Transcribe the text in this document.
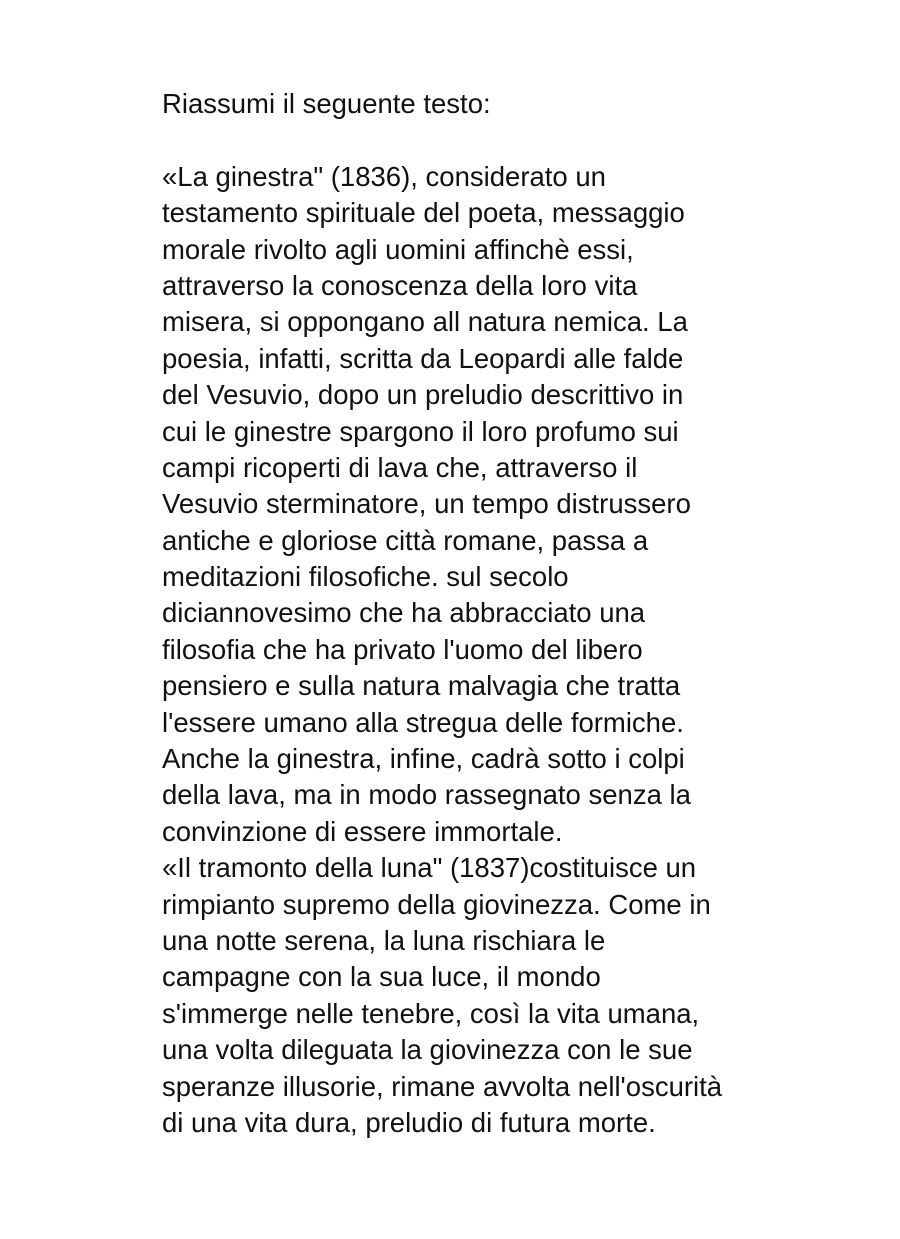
Riassumi il seguente testo:
«La ginestra" (1836), considerato un
testamento spirituale del poeta, messaggio
morale rivolto agli uomini affinchè essi,
attraverso la conoscenza della loro vita
misera, si oppongano all natura nemica. La
poesia, infatti, scritta da Leopardi alle falde
del Vesuvio, dopo un preludio descrittivo in
cui le ginestre spargono il loro profumo sui
campi ricoperti di lava che, attraverso il
Vesuvio sterminatore, un tempo distrussero
antiche e gloriose città romane, passa a
meditazioni filosofiche. sul secolo
diciannovesimo che ha abbracciato una
filosofia che ha privato l'uomo del libero
pensiero e sulla natura malvagia che tratta
l'essere umano alla stregua delle formiche.
Anche la ginestra, infine, cadrà sotto i colpi
della lava, ma in modo rassegnato senza la
convinzione di essere immortale.
«Il tramonto della luna" (1837)costituisce un
rimpianto supremo della giovinezza. Come in
una notte serena, la luna rischiara le
campagne con la sua luce, il mondo
s'immerge nelle tenebre, così la vita umana,
una volta dileguata la giovinezza con le sue
speranze illusorie, rimane avvolta nell'oscurità
di una vita dura, preludio di futura morte.
